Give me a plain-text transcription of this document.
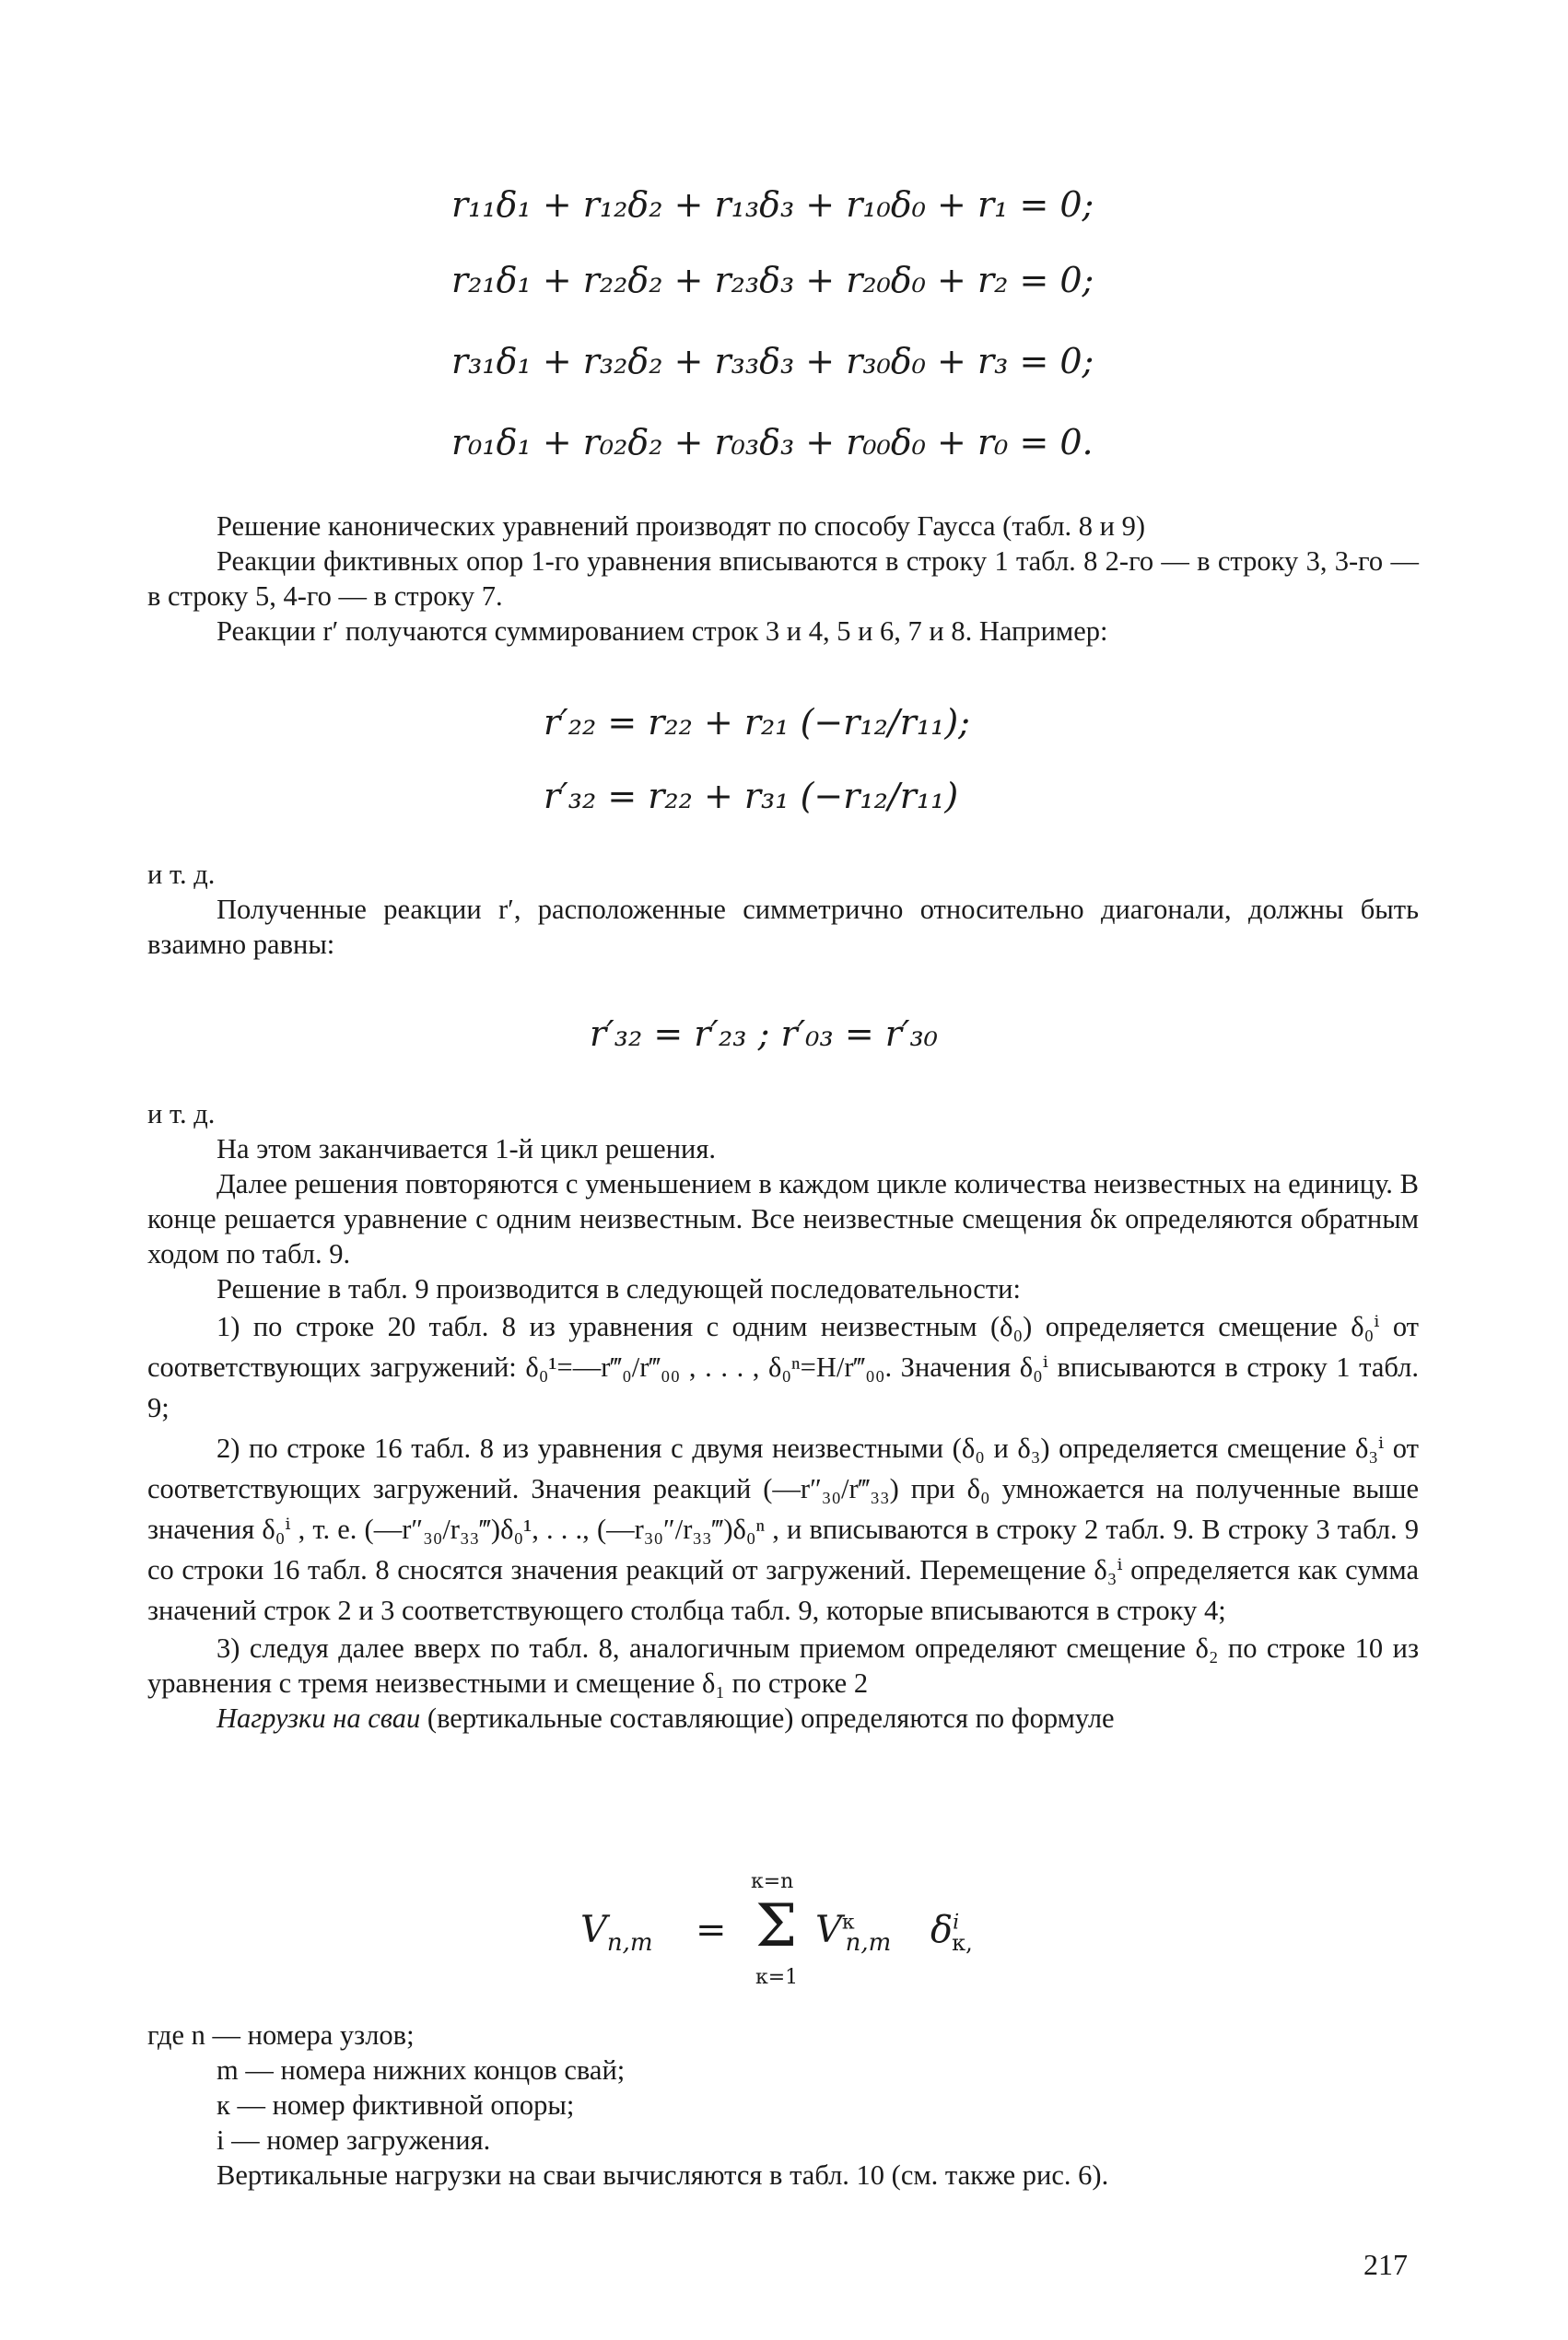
r₁₁δ₁ + r₁₂δ₂ + r₁₃δ₃ + r₁₀δ₀ + r₁ = 0;
r₂₁δ₁ + r₂₂δ₂ + r₂₃δ₃ + r₂₀δ₀ + r₂ = 0;
r₃₁δ₁ + r₃₂δ₂ + r₃₃δ₃ + r₃₀δ₀ + r₃ = 0;
r₀₁δ₁ + r₀₂δ₂ + r₀₃δ₃ + r₀₀δ₀ + r₀ = 0.

Решение канонических уравнений производят по способу Гаусса (табл. 8 и 9)

Реакции фиктивных опор 1-го уравнения вписываются в строку 1 табл. 8 2-го — в строку 3, 3-го — в строку 5, 4-го — в строку 7.

Реакции r′ получаются суммированием строк 3 и 4, 5 и 6, 7 и 8. Например:

r′₂₂ = r₂₂ + r₂₁ (−r₁₂/r₁₁);
r′₃₂ = r₂₂ + r₃₁ (−r₁₂/r₁₁)

и т. д.

Полученные реакции r′, расположенные симметрично относительно диагонали, должны быть взаимно равны:

r′₃₂ = r′₂₃ ; r′₀₃ = r′₃₀

и т. д.

На этом заканчивается 1-й цикл решения.

Далее решения повторяются с уменьшением в каждом цикле количества неизвестных на единицу. В конце решается уравнение с одним неизвестным. Все неизвестные смещения δк определяются обратным ходом по табл. 9.

Решение в табл. 9 производится в следующей последовательности:

1) по строке 20 табл. 8 из уравнения с одним неизвестным (δ₀) определяется смещение δ₀ⁱ от соответствующих загружений: δ₀¹=—r‴₀/r‴₀₀ , . . . , δ₀ⁿ=H/r‴₀₀. Значения δ₀ⁱ вписываются в строку 1 табл. 9;

2) по строке 16 табл. 8 из уравнения с двумя неизвестными (δ₀ и δ₃) определяется смещение δ₃ⁱ от соответствующих загружений. Значения реакций (—r″₃₀/r‴₃₃) при δ₀ умножается на полученные выше значения δ₀ⁱ , т. е. (—r″₃₀/r₃₃‴)δ₀¹, . . ., (—r₃₀″/r₃₃‴)δ₀ⁿ , и вписываются в строку 2 табл. 9. В строку 3 табл. 9 со строки 16 табл. 8 сносятся значения реакций от загружений. Перемещение δ₃ⁱ определяется как сумма значений строк 2 и 3 соответствующего столбца табл. 9, которые вписываются в строку 4;

3) следуя далее вверх по табл. 8, аналогичным приемом определяют смещение δ₂ по строке 10 из уравнения с тремя неизвестными и смещение δ₁ по строке 2

Нагрузки на сваи (вертикальные составляющие) определяются по формуле

$V_{n,m}$ =
к=n
Σ
к=1
$V^к_{n,m}$ $\delta^i_{к,}$

где n — номера узлов;

m — номера нижних концов свай;

к — номер фиктивной опоры;

i — номер загружения.

Вертикальные нагрузки на сваи вычисляются в табл. 10 (см. также рис. 6).

217
